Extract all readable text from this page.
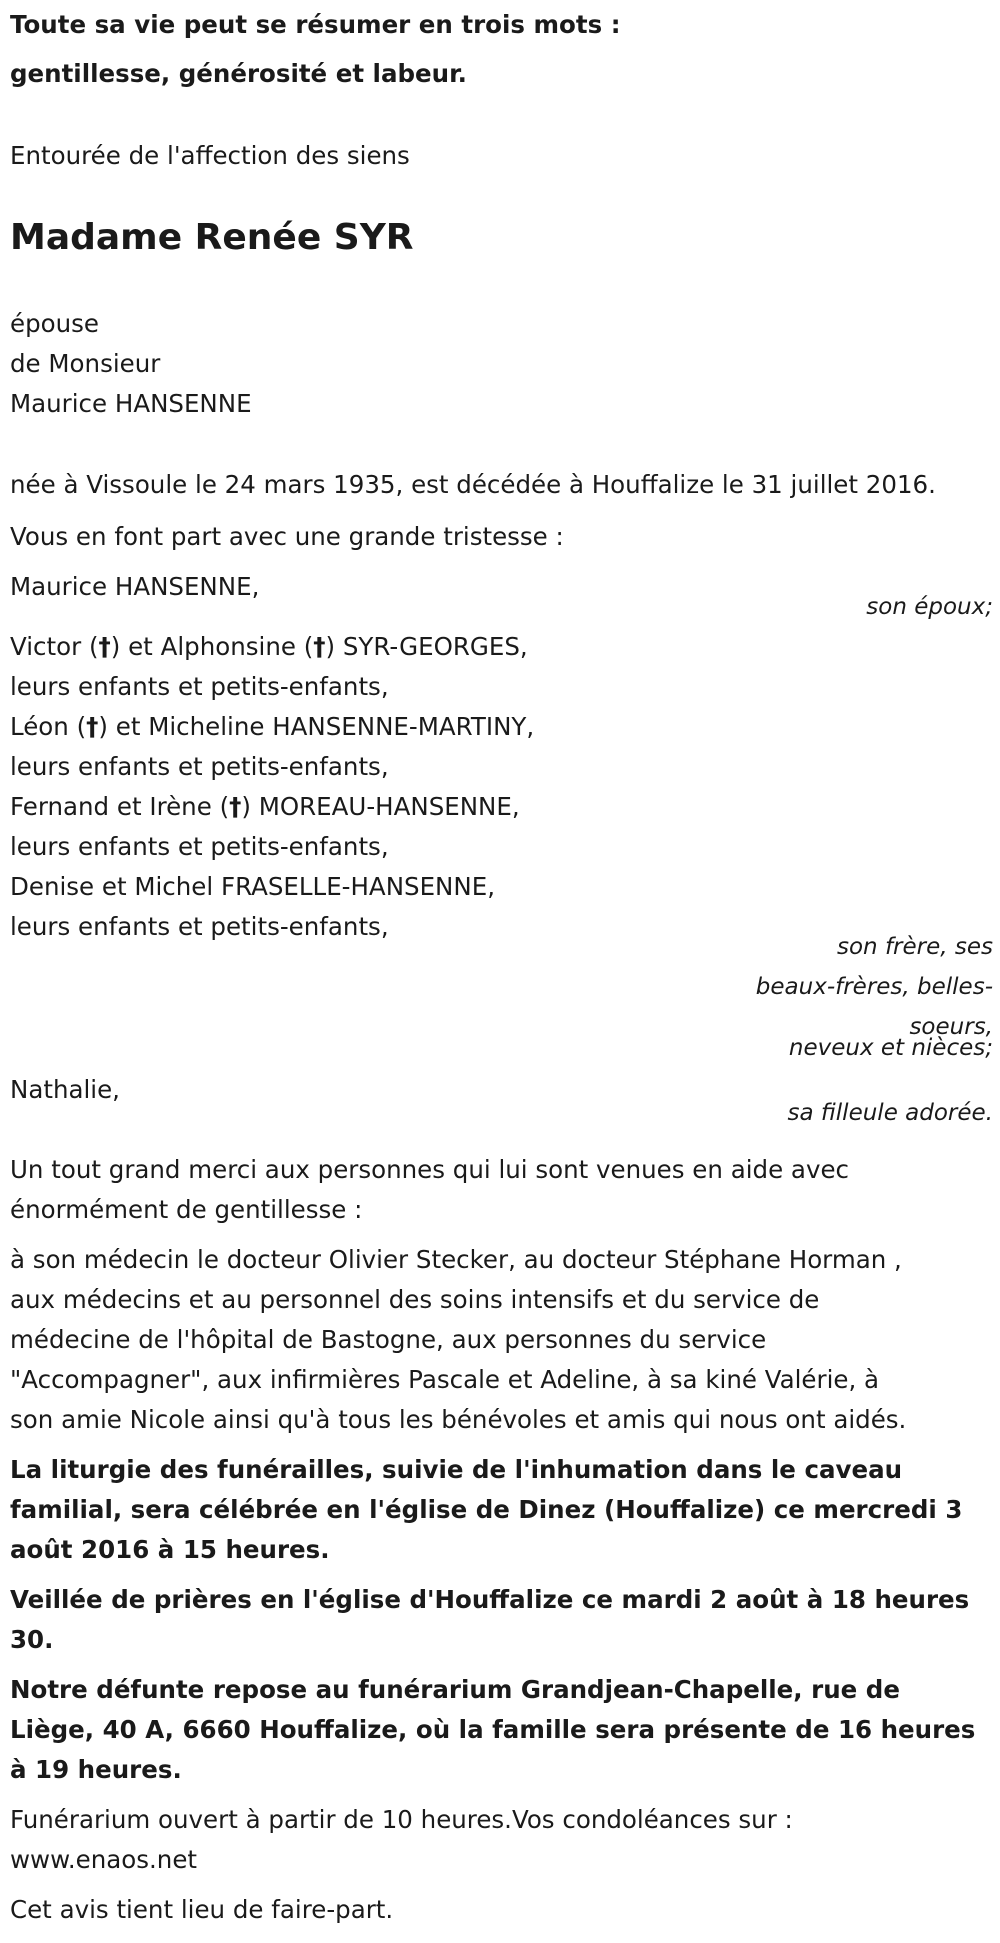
Toute sa vie peut se résumer en trois mots :
gentillesse, générosité et labeur.
Entourée de l'affection des siens
Madame Renée SYR
épouse
de Monsieur
Maurice HANSENNE
née à Vissoule le 24 mars 1935, est décédée à Houffalize le 31 juillet 2016.
Vous en font part avec une grande tristesse :
Maurice HANSENNE,
son époux;
Victor (†) et Alphonsine (†) SYR-GEORGES,
leurs enfants et petits-enfants,
Léon (†) et Micheline HANSENNE-MARTINY,
leurs enfants et petits-enfants,
Fernand et Irène (†) MOREAU-HANSENNE,
leurs enfants et petits-enfants,
Denise et Michel FRASELLE-HANSENNE,
leurs enfants et petits-enfants,
son frère, ses
beaux-frères, belles-
soeurs,
neveux et nièces;
Nathalie,
sa filleule adorée.
Un tout grand merci aux personnes qui lui sont venues en aide avec
énormément de gentillesse :
à son médecin le docteur Olivier Stecker, au docteur Stéphane Horman ,
aux médecins et au personnel des soins intensifs et du service de
médecine de l'hôpital de Bastogne, aux personnes du service
"Accompagner", aux infirmières Pascale et Adeline, à sa kiné Valérie, à
son amie Nicole ainsi qu'à tous les bénévoles et amis qui nous ont aidés.
La liturgie des funérailles, suivie de l'inhumation dans le caveau
familial, sera célébrée en l'église de Dinez (Houffalize) ce mercredi 3
août 2016 à 15 heures.
Veillée de prières en l'église d'Houffalize ce mardi 2 août à 18 heures
30.
Notre défunte repose au funérarium Grandjean-Chapelle, rue de
Liège, 40 A, 6660 Houffalize, où la famille sera présente de 16 heures
à 19 heures.
Funérarium ouvert à partir de 10 heures.Vos condoléances sur :
www.enaos.net
Cet avis tient lieu de faire-part.
